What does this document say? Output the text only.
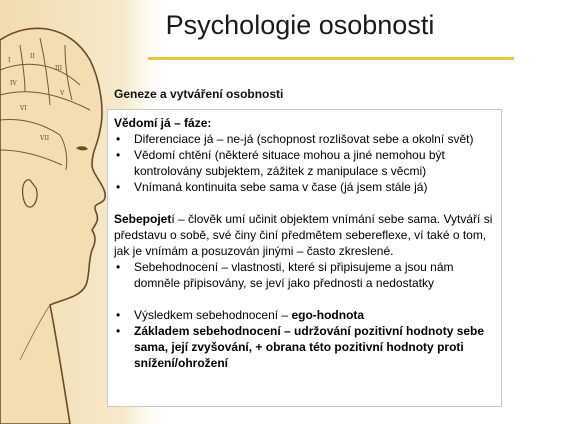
I
II
III
IV
V
VI
VII
Psychologie osobnosti
Geneze a vytváření osobnosti

Vědomí já – fáze:

• Diferenciace já – ne-já (schopnost rozlišovat sebe a okolní svět)

• Vědomí chtění (některé situace mohou a jiné nemohou být kontrolovány subjektem, zážitek z manipulace s věcmi)

• Vnímaná kontinuita sebe sama v čase (já jsem stále já)

Sebepojetí – člověk umí učinit objektem vnímání sebe sama. Vytváří si představu o sobě, své činy činí předmětem sebereflexe, ví také o tom, jak je vnímám a posuzován jinými – často zkreslené.

• Sebehodnocení – vlastnosti, které si připisujeme a jsou nám domněle připisovány, se jeví jako přednosti a nedostatky

• Výsledkem sebehodnocení – ego-hodnota

• Základem sebehodnocení – udržování pozitivní hodnoty sebe sama, její zvyšování, + obrana této pozitivní hodnoty proti snížení/ohrožení
